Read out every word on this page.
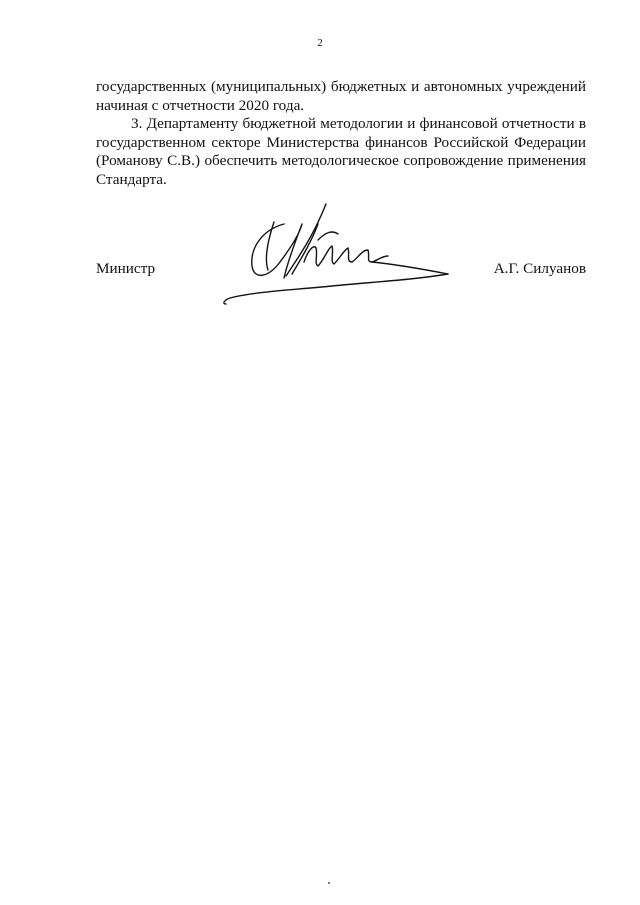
2

государственных (муниципальных) бюджетных и автономных учреждений
начиная с отчетности 2020 года.

3. Департаменту бюджетной методологии и финансовой отчетности в
государственном секторе Министерства финансов Российской Федерации
(Романову С.В.) обеспечить методологическое сопровождение применения
Стандарта.

Министр	А.Г. Силуанов
